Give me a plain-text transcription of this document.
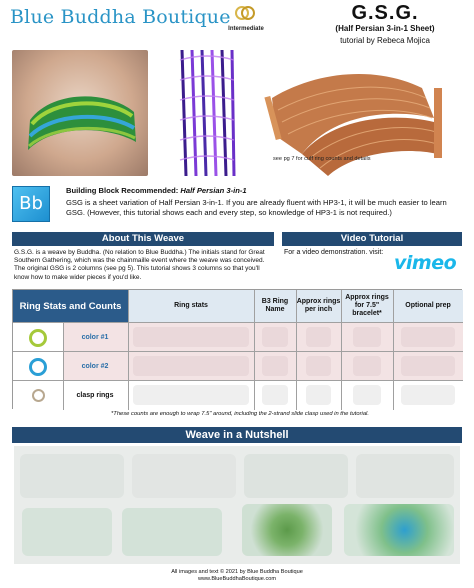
Blue Buddha Boutique
Intermediate
G.S.G.
(Half Persian 3-in-1 Sheet)
tutorial by Rebeca Mojica
see pg 7 for cuff ring counts and details
Bb
Building Block Recommended: Half Persian 3-in-1
GSG is a sheet variation of Half Persian 3-in-1. If you are already fluent with HP3-1, it will be much easier to learn GSG. (However, this tutorial shows each and every step, so knowledge of HP3-1 is not required.)
About This Weave	Video Tutorial
G.S.G. is a weave by Buddha. (No relation to Blue Buddha.) The initials stand for Great Southern Gathering, which was the chainmaille event where the weave was conceived. The original GSG is 2 columns (see pg 5). This tutorial shows 3 columns so that you'll know how to make wider pieces if you'd like.
For a video demonstration. visit: vimeo
Ring Stats and Counts	Ring stats
B3 Ring Name
Approx rings per inch
Approx rings for 7.5" bracelet*
Optional prep
color #1
color #2
clasp rings
*These counts are enough to wrap 7.5" around, including the 2-strand slide clasp used in the tutorial.
Weave in a Nutshell
All images and text © 2021 by Blue Buddha Boutique
www.BlueBuddhaBoutique.com
